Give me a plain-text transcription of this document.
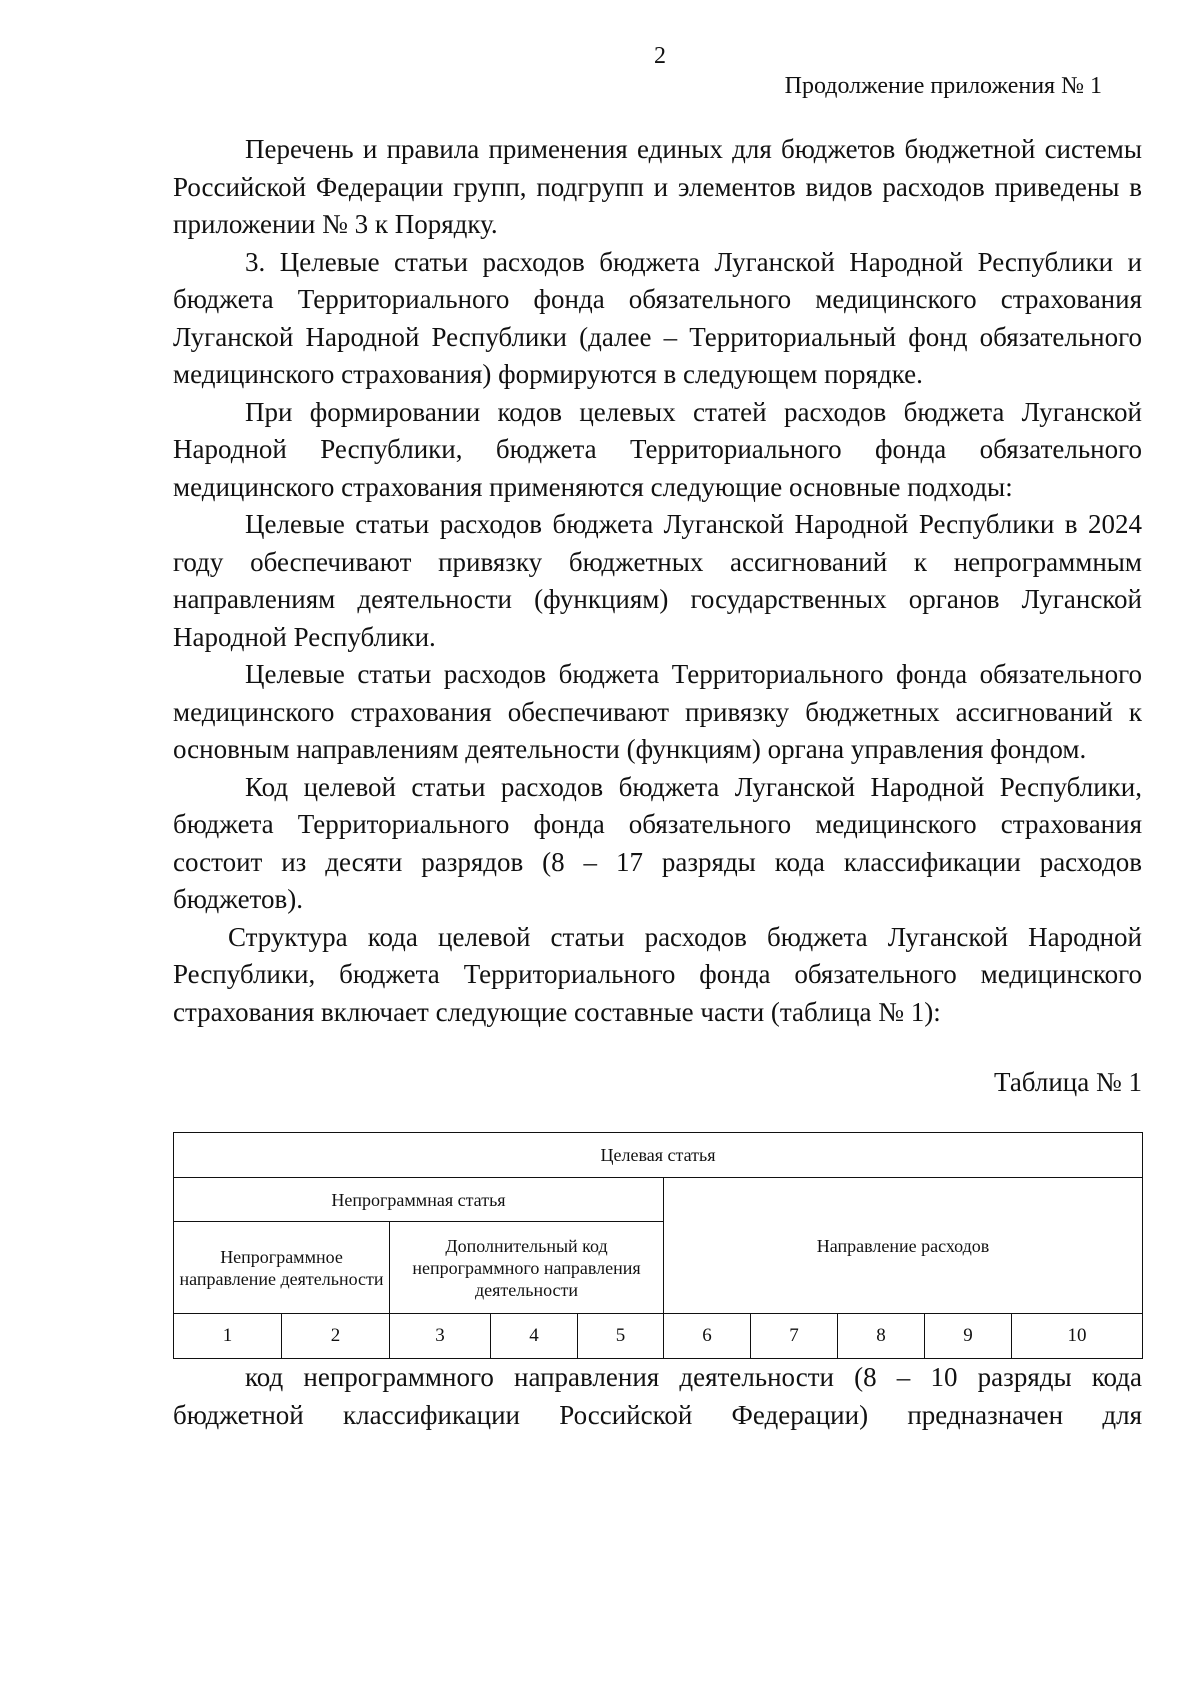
2
Продолжение приложения № 1

Перечень и правила применения единых для бюджетов бюджетной системы Российской Федерации групп, подгрупп и элементов видов расходов приведены в приложении № 3 к Порядку.

3. Целевые статьи расходов бюджета Луганской Народной Республики и бюджета Территориального фонда обязательного медицинского страхования Луганской Народной Республики (далее – Территориальный фонд обязательного медицинского страхования) формируются в следующем порядке.

При формировании кодов целевых статей расходов бюджета Луганской Народной Республики, бюджета Территориального фонда обязательного медицинского страхования применяются следующие основные подходы:

Целевые статьи расходов бюджета Луганской Народной Республики в 2024 году обеспечивают привязку бюджетных ассигнований к непрограммным направлениям деятельности (функциям) государственных органов Луганской Народной Республики.

Целевые статьи расходов бюджета Территориального фонда обязательного медицинского страхования обеспечивают привязку бюджетных ассигнований к основным направлениям деятельности (функциям) органа управления фондом.

Код целевой статьи расходов бюджета Луганской Народной Республики, бюджета Территориального фонда обязательного медицинского страхования состоит из десяти разрядов (8 – 17 разряды кода классификации расходов бюджетов).

Структура кода целевой статьи расходов бюджета Луганской Народной Республики, бюджета Территориального фонда обязательного медицинского страхования включает следующие составные части (таблица № 1):

Таблица № 1
Целевая статья									
Непрограммная статья					Направление расходов				
Непрограммное направление деятельности		Дополнительный код непрограммного направления деятельности							
1	2	3	4	5	6	7	8	9	10

код непрограммного направления деятельности (8 – 10 разряды кода бюджетной классификации Российской Федерации) предназначен для
